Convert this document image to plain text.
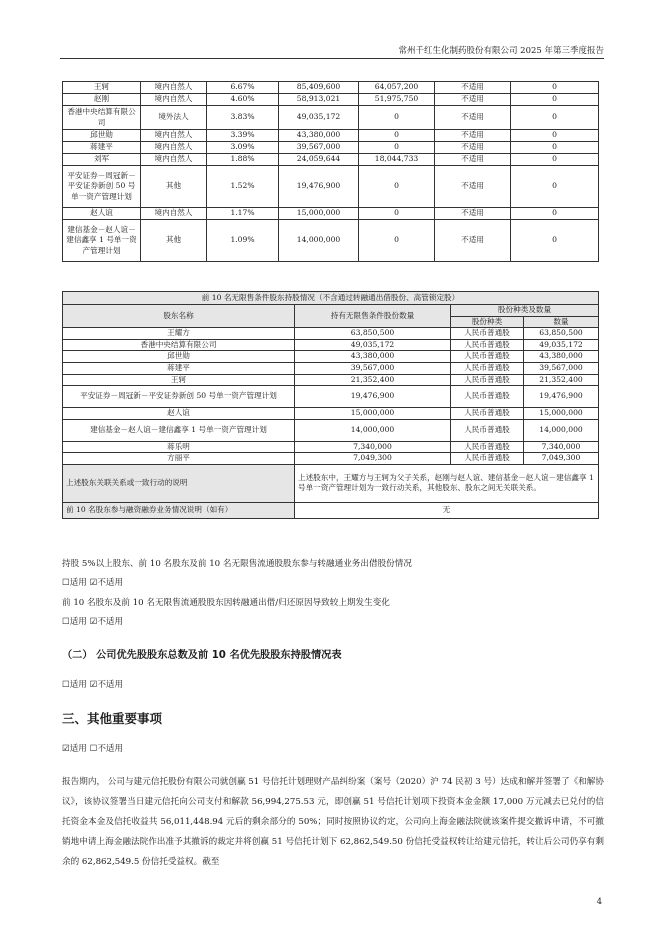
常州千红生化制药股份有限公司 2025 年第三季度报告
王轲	境内自然人	6.67%	85,409,600	64,057,200	不适用	0
赵刚	境内自然人	4.60%	58,913,021	51,975,750	不适用	0
香港中央结算有限公司	境外法人	3.83%	49,035,172	0	不适用	0
邱世勋	境内自然人	3.39%	43,380,000	0	不适用	0
蒋建平	境内自然人	3.09%	39,567,000	0	不适用	0
刘军	境内自然人	1.88%	24,059,644	18,044,733	不适用	0
平安证券－周冠新－平安证券新创 50 号单一资产管理计划	其他	1.52%	19,476,900	0	不适用	0
赵人谊	境内自然人	1.17%	15,000,000	0	不适用	0
建信基金－赵人谊－建信鑫享 1 号单一资产管理计划	其他	1.09%	14,000,000	0	不适用	0
前 10 名无限售条件股东持股情况（不含通过转融通出借股份、高管锁定股）			
股东名称	持有无限售条件股份数量	股份种类及数量	
		股份种类	数量
王耀方	63,850,500	人民币普通股	63,850,500
香港中央结算有限公司	49,035,172	人民币普通股	49,035,172
邱世勋	43,380,000	人民币普通股	43,380,000
蒋建平	39,567,000	人民币普通股	39,567,000
王轲	21,352,400	人民币普通股	21,352,400
平安证券－周冠新－平安证券新创 50 号单一资产管理计划	19,476,900	人民币普通股	19,476,900
赵人谊	15,000,000	人民币普通股	15,000,000
建信基金－赵人谊－建信鑫享 1 号单一资产管理计划	14,000,000	人民币普通股	14,000,000
蒋乐明	7,340,000	人民币普通股	7,340,000
方丽平	7,049,300	人民币普通股	7,049,300
上述股东关联关系或一致行动的说明	上述股东中，王耀方与王轲为父子关系，赵刚与赵人谊、建信基金－赵人谊－建信鑫享 1 号单一资产管理计划为一致行动关系，其他股东、股东之间无关联关系。		
前 10 名股东参与融资融券业务情况说明（如有）	无		
持股 5%以上股东、前 10 名股东及前 10 名无限售流通股股东参与转融通业务出借股份情况
☐适用 ☑不适用
前 10 名股东及前 10 名无限售流通股股东因转融通出借/归还原因导致较上期发生变化
☐适用 ☑不适用
（二） 公司优先股股东总数及前 10 名优先股股东持股情况表
☐适用 ☑不适用
三、其他重要事项
☑适用 ☐不适用
报告期内， 公司与建元信托股份有限公司就创赢 51 号信托计划理财产品纠纷案（案号（2020）沪 74 民初 3 号）达成和解并签署了《和解协议》，该协议签署当日建元信托向公司支付和解款 56,994,275.53 元，即创赢 51 号信托计划项下投资本金金额 17,000 万元减去已兑付的信托资金本金及信托收益共 56,011,448.94 元后的剩余部分的 50%；同时按照协议约定，公司向上海金融法院就该案件提交撤诉申请，不可撤销地申请上海金融法院作出准予其撤诉的裁定并将创赢 51 号信托计划下 62,862,549.50 份信托受益权转让给建元信托，转让后公司仍享有剩余的 62,862,549.5 份信托受益权。截至
4
